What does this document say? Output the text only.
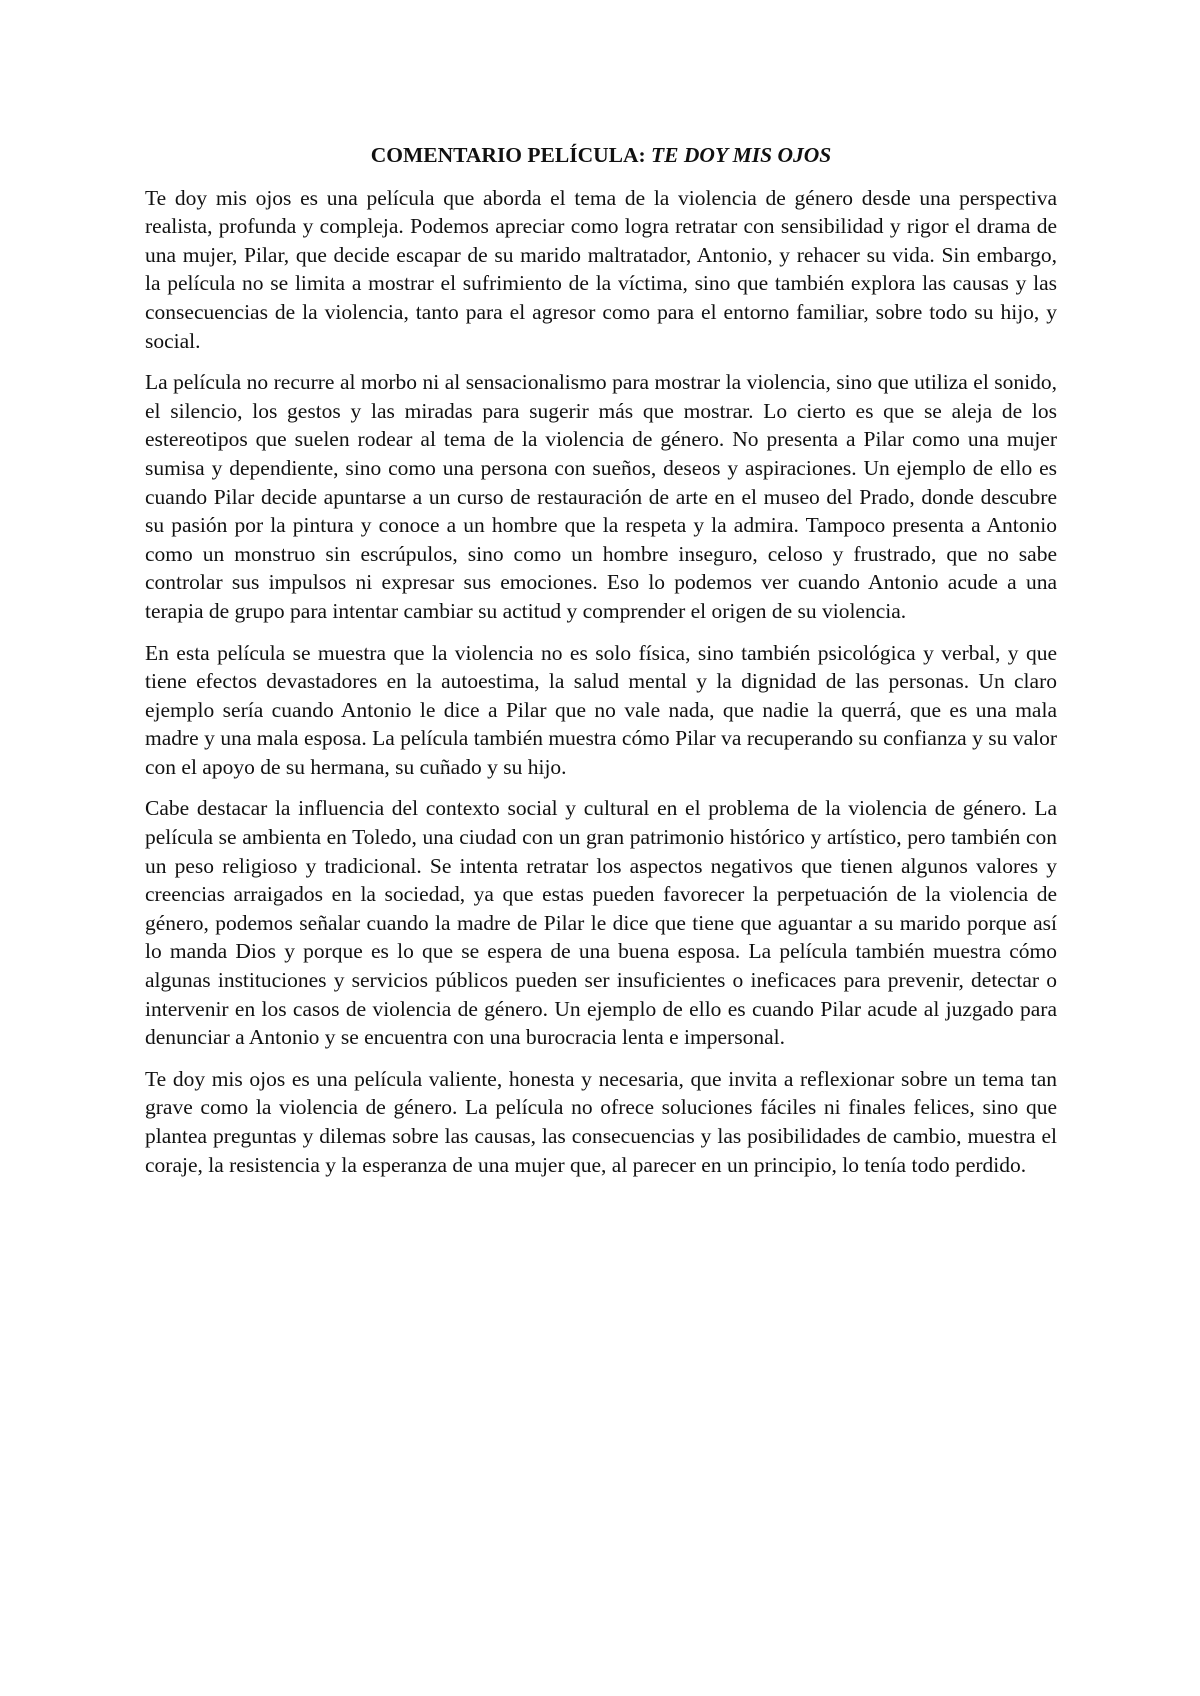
COMENTARIO PELÍCULA: TE DOY MIS OJOS

Te doy mis ojos es una película que aborda el tema de la violencia de género desde una perspectiva realista, profunda y compleja. Podemos apreciar como logra retratar con sensibilidad y rigor el drama de una mujer, Pilar, que decide escapar de su marido maltratador, Antonio, y rehacer su vida. Sin embargo, la película no se limita a mostrar el sufrimiento de la víctima, sino que también explora las causas y las consecuencias de la violencia, tanto para el agresor como para el entorno familiar, sobre todo su hijo, y social.

La película no recurre al morbo ni al sensacionalismo para mostrar la violencia, sino que utiliza el sonido, el silencio, los gestos y las miradas para sugerir más que mostrar. Lo cierto es que se aleja de los estereotipos que suelen rodear al tema de la violencia de género. No presenta a Pilar como una mujer sumisa y dependiente, sino como una persona con sueños, deseos y aspiraciones. Un ejemplo de ello es cuando Pilar decide apuntarse a un curso de restauración de arte en el museo del Prado, donde descubre su pasión por la pintura y conoce a un hombre que la respeta y la admira. Tampoco presenta a Antonio como un monstruo sin escrúpulos, sino como un hombre inseguro, celoso y frustrado, que no sabe controlar sus impulsos ni expresar sus emociones. Eso lo podemos ver cuando Antonio acude a una terapia de grupo para intentar cambiar su actitud y comprender el origen de su violencia.

En esta película se muestra que la violencia no es solo física, sino también psicológica y verbal, y que tiene efectos devastadores en la autoestima, la salud mental y la dignidad de las personas. Un claro ejemplo sería cuando Antonio le dice a Pilar que no vale nada, que nadie la querrá, que es una mala madre y una mala esposa. La película también muestra cómo Pilar va recuperando su confianza y su valor con el apoyo de su hermana, su cuñado y su hijo.

Cabe destacar la influencia del contexto social y cultural en el problema de la violencia de género. La película se ambienta en Toledo, una ciudad con un gran patrimonio histórico y artístico, pero también con un peso religioso y tradicional. Se intenta retratar los aspectos negativos que tienen algunos valores y creencias arraigados en la sociedad, ya que estas pueden favorecer la perpetuación de la violencia de género, podemos señalar cuando la madre de Pilar le dice que tiene que aguantar a su marido porque así lo manda Dios y porque es lo que se espera de una buena esposa. La película también muestra cómo algunas instituciones y servicios públicos pueden ser insuficientes o ineficaces para prevenir, detectar o intervenir en los casos de violencia de género. Un ejemplo de ello es cuando Pilar acude al juzgado para denunciar a Antonio y se encuentra con una burocracia lenta e impersonal.

Te doy mis ojos es una película valiente, honesta y necesaria, que invita a reflexionar sobre un tema tan grave como la violencia de género. La película no ofrece soluciones fáciles ni finales felices, sino que plantea preguntas y dilemas sobre las causas, las consecuencias y las posibilidades de cambio, muestra el coraje, la resistencia y la esperanza de una mujer que, al parecer en un principio, lo tenía todo perdido.
